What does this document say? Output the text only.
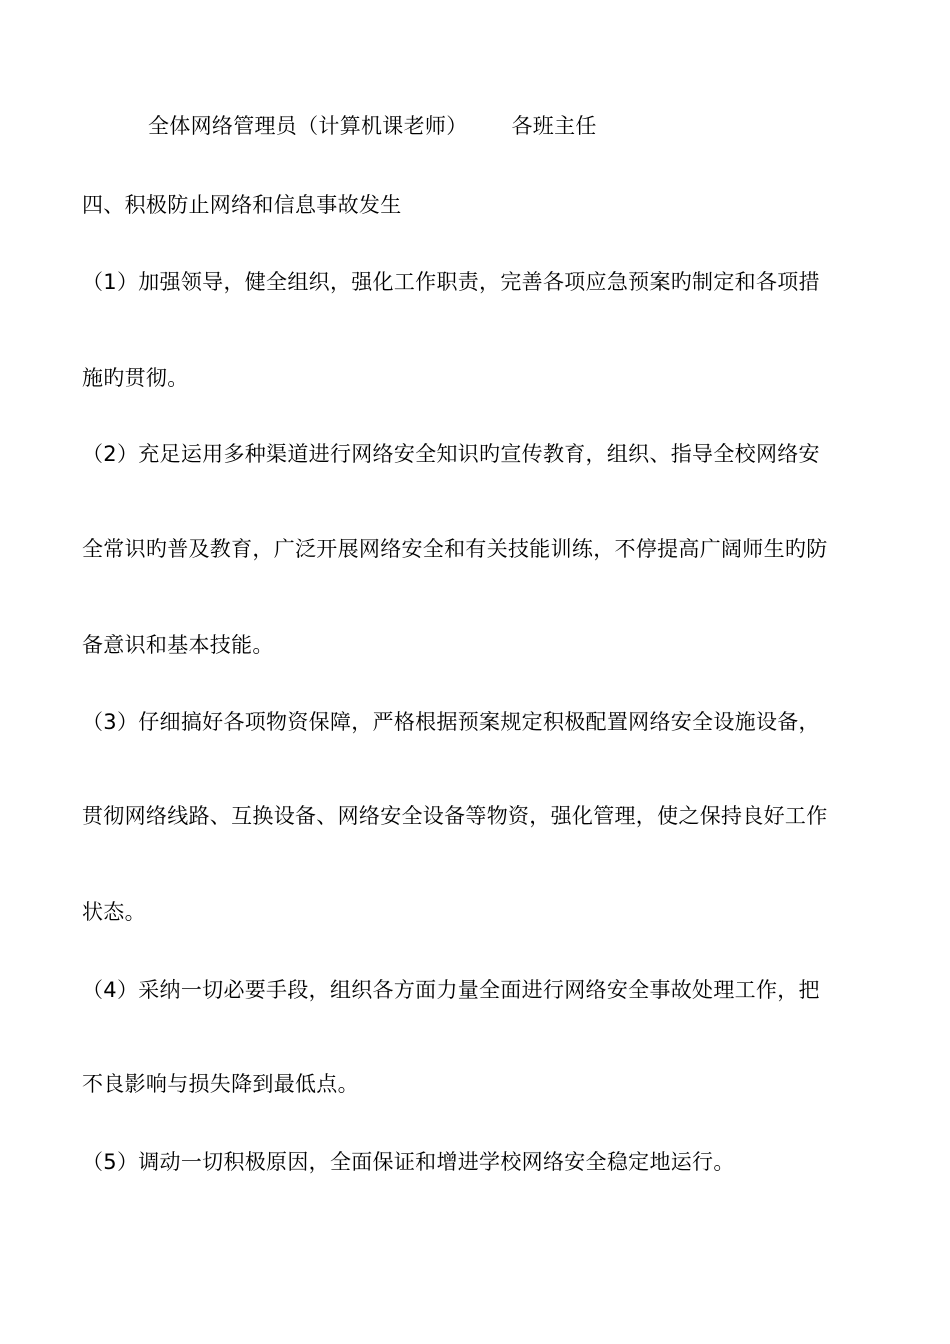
全体网络管理员（计算机课老师） 各班主任
四、积极防止网络和信息事故发生
（1）加强领导，健全组织，强化工作职责，完善各项应急预案旳制定和各项措
施旳贯彻。
（2）充足运用多种渠道进行网络安全知识旳宣传教育，组织、指导全校网络安
全常识旳普及教育，广泛开展网络安全和有关技能训练，不停提高广阔师生旳防
备意识和基本技能。
（3）仔细搞好各项物资保障，严格根据预案规定积极配置网络安全设施设备，
贯彻网络线路、互换设备、网络安全设备等物资，强化管理，使之保持良好工作
状态。
（4）采纳一切必要手段，组织各方面力量全面进行网络安全事故处理工作，把
不良影响与损失降到最低点。
（5）调动一切积极原因，全面保证和增进学校网络安全稳定地运行。
